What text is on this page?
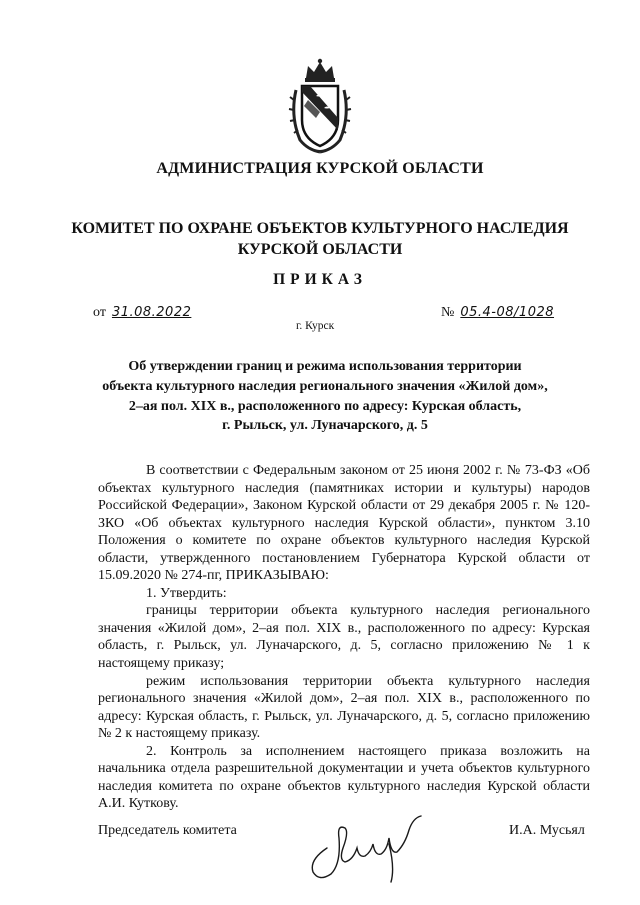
АДМИНИСТРАЦИЯ КУРСКОЙ ОБЛАСТИ
КОМИТЕТ ПО ОХРАНЕ ОБЪЕКТОВ КУЛЬТУРНОГО НАСЛЕДИЯ
КУРСКОЙ ОБЛАСТИ
ПРИКАЗ
от 31.08.2022	№ 05.4-08/1028
г. Курск
Об утверждении границ и режима использования территории
объекта культурного наследия регионального значения «Жилой дом»,
2–ая пол. XIX в., расположенного по адресу: Курская область,
г. Рыльск, ул. Луначарского, д. 5

В соответствии с Федеральным законом от 25 июня 2002 г. № 73-ФЗ «Об объектах культурного наследия (памятниках истории и культуры) народов Российской Федерации», Законом Курской области от 29 декабря 2005 г. № 120-ЗКО «Об объектах культурного наследия Курской области», пунктом 3.10 Положения о комитете по охране объектов культурного наследия Курской области, утвержденного постановлением Губернатора Курской области от 15.09.2020 № 274-пг, ПРИКАЗЫВАЮ:

1. Утвердить:

границы территории объекта культурного наследия регионального значения «Жилой дом», 2–ая пол. XIX в., расположенного по адресу: Курская область, г. Рыльск, ул. Луначарского, д. 5, согласно приложению № 1 к настоящему приказу;

режим использования территории объекта культурного наследия регионального значения «Жилой дом», 2–ая пол. XIX в., расположенного по адресу: Курская область, г. Рыльск, ул. Луначарского, д. 5, согласно приложению № 2 к настоящему приказу.

2. Контроль за исполнением настоящего приказа возложить на начальника отдела разрешительной документации и учета объектов культурного наследия комитета по охране объектов культурного наследия Курской области А.И. Куткову.

Председатель комитета	И.А. Мусьял
